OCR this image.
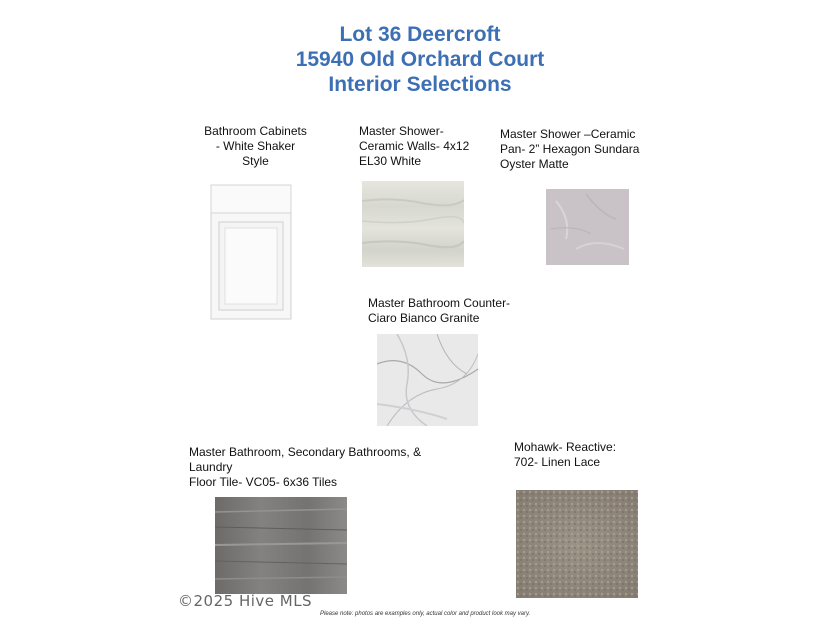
Lot 36 Deercroft
15940 Old Orchard Court
Interior Selections
Bathroom Cabinets
- White Shaker
Style
Master Shower-
Ceramic Walls- 4x12
EL30 White
Master Shower –Ceramic
Pan- 2” Hexagon Sundara
Oyster Matte
Master Bathroom Counter-
Ciaro Bianco Granite
Master Bathroom, Secondary Bathrooms, &
Laundry
Floor Tile- VC05- 6x36 Tiles
Mohawk- Reactive:
702- Linen Lace
©2025 Hive MLS
Please note: photos are examples only, actual color and product look may vary.
